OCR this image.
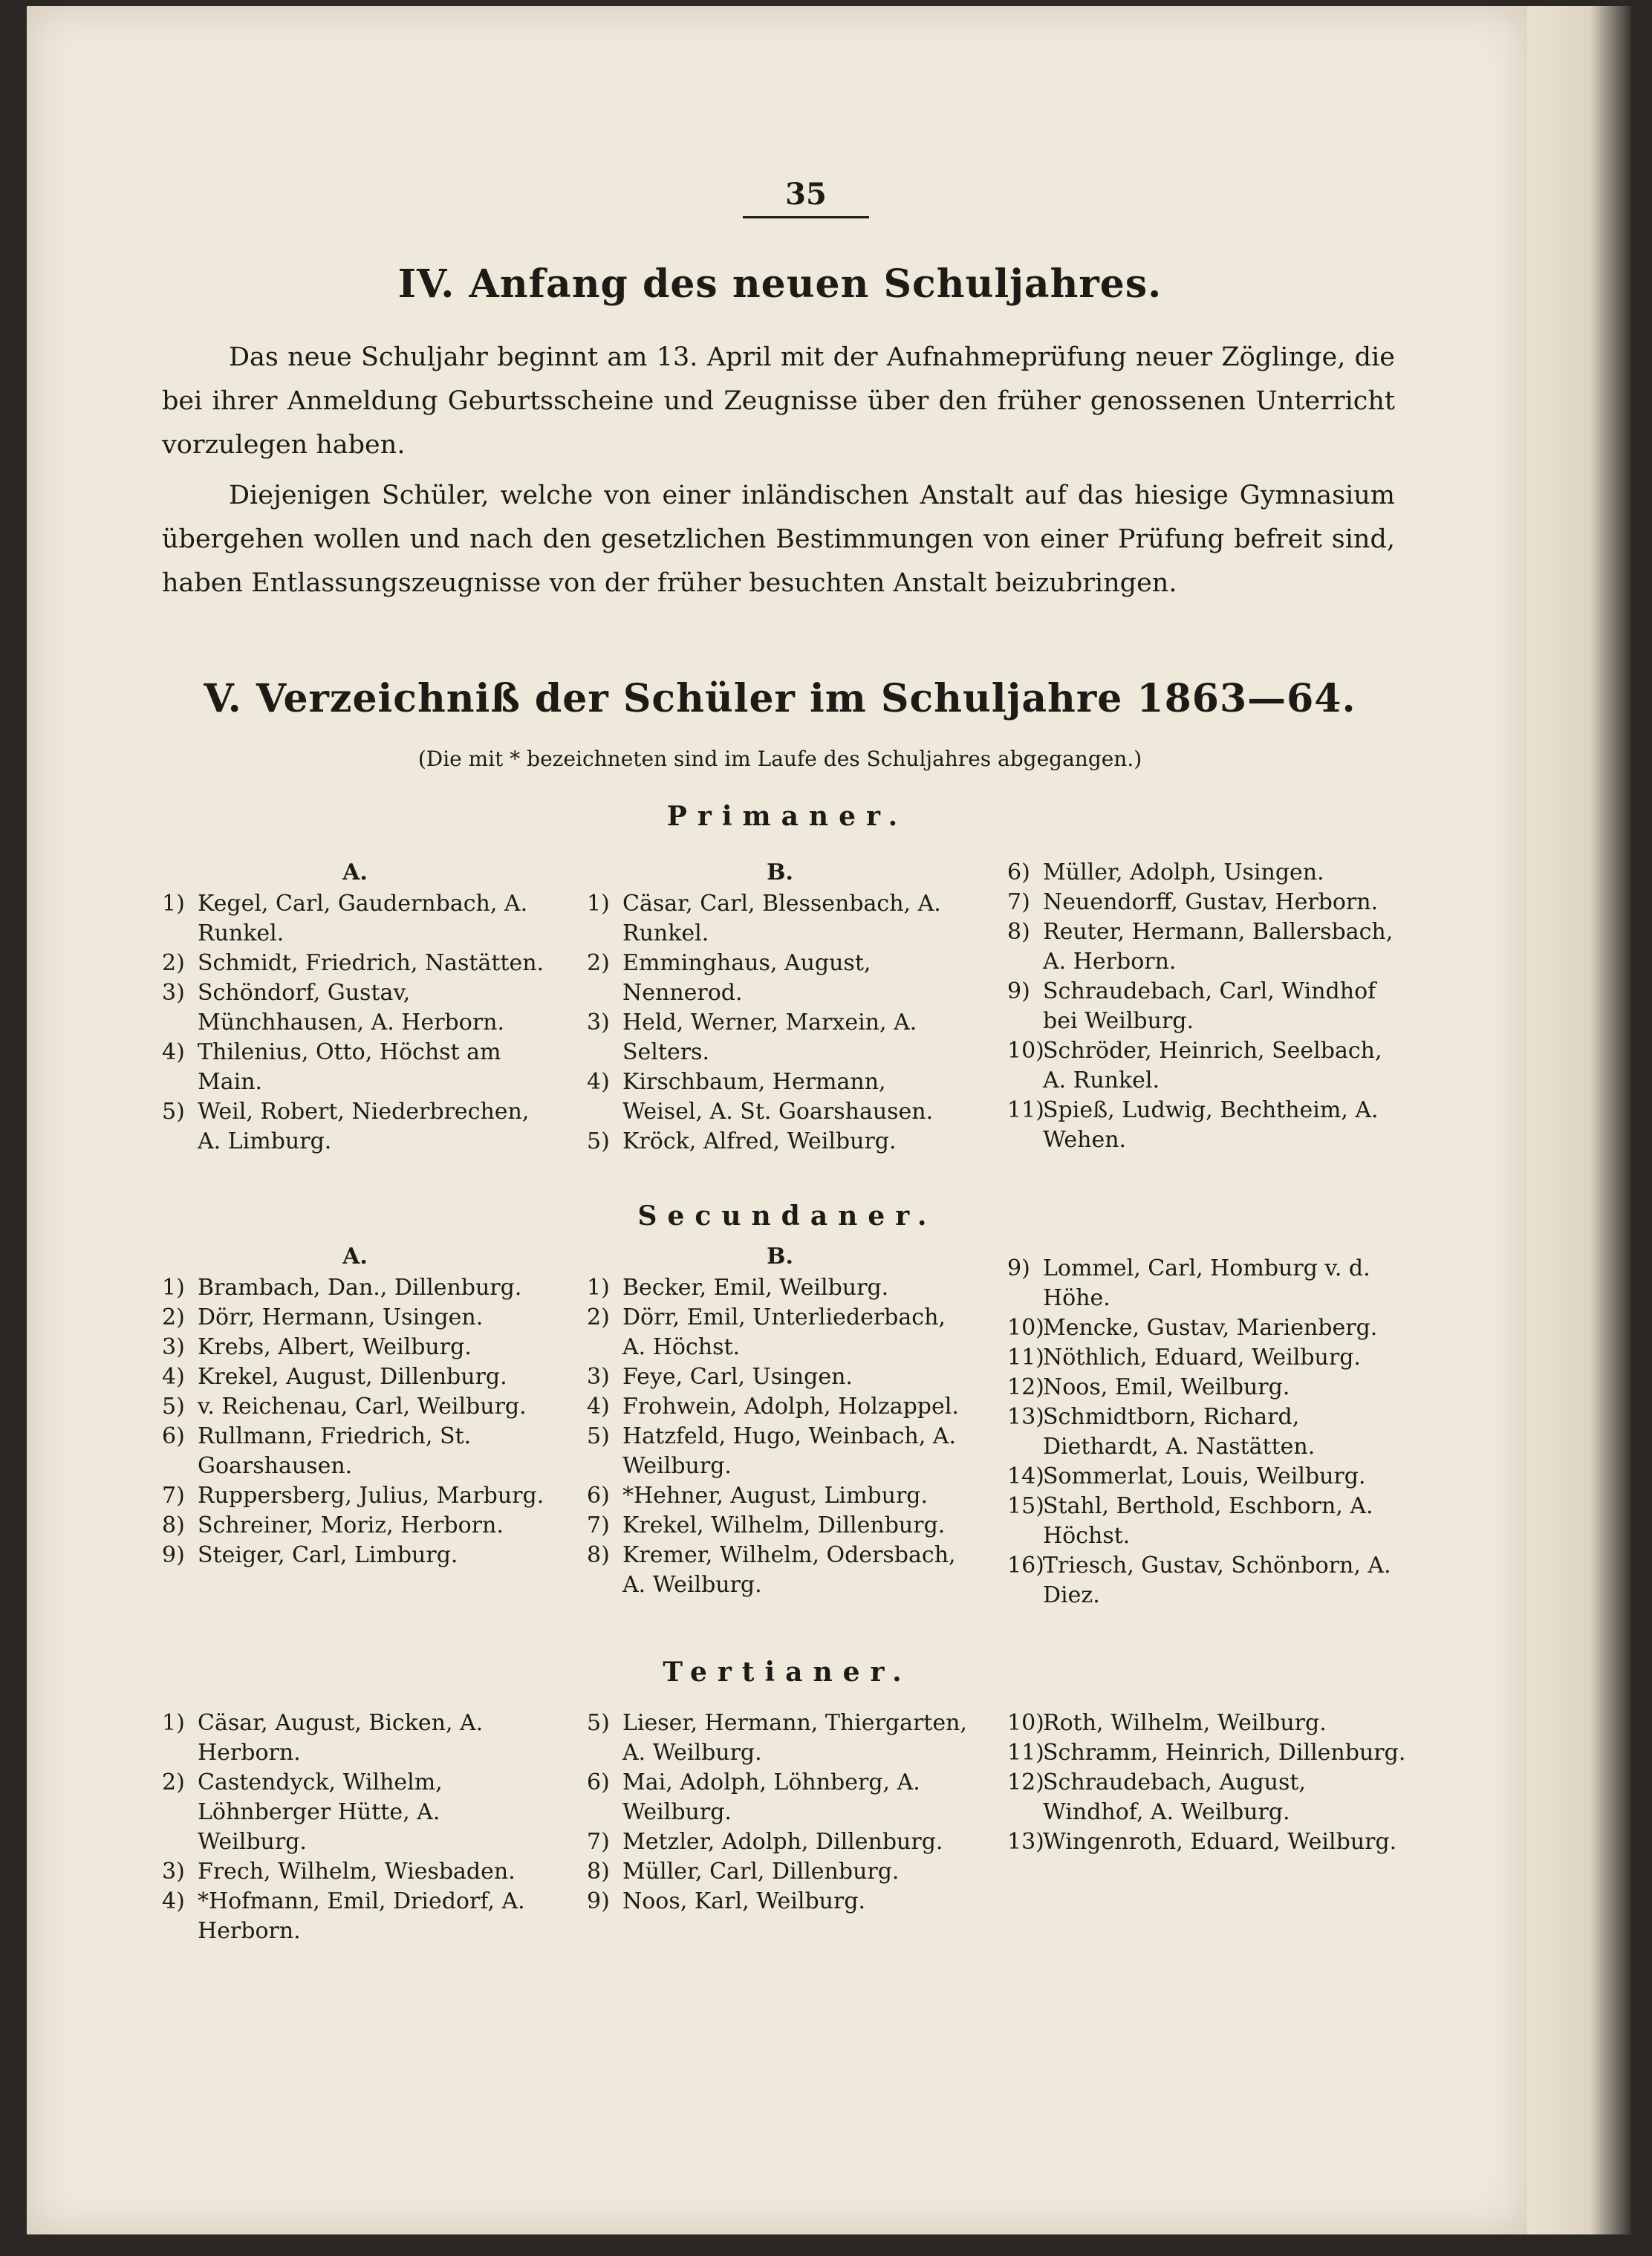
35
IV. Anfang des neuen Schuljahres.
Das neue Schuljahr beginnt am 13. April mit der Aufnahmeprüfung neuer Zöglinge, die bei ihrer Anmeldung Geburtsscheine und Zeugnisse über den früher genossenen Unterricht vorzulegen haben.
Diejenigen Schüler, welche von einer inländischen Anstalt auf das hiesige Gymnasium übergehen wollen und nach den gesetzlichen Bestimmungen von einer Prüfung befreit sind, haben Entlassungszeugnisse von der früher besuchten Anstalt beizubringen.
V. Verzeichniß der Schüler im Schuljahre 1863—64.
(Die mit * bezeichneten sind im Laufe des Schuljahres abgegangen.)
Primaner.
A.

1) Kegel, Carl, Gaudernbach, A. Runkel.

2) Schmidt, Friedrich, Nastätten.

3) Schöndorf, Gustav, Münchhausen, A. Herborn.

4) Thilenius, Otto, Höchst am Main.

5) Weil, Robert, Niederbrechen, A. Limburg.

B.

1) Cäsar, Carl, Blessenbach, A. Runkel.

2) Emminghaus, August, Nennerod.

3) Held, Werner, Marxein, A. Selters.

4) Kirschbaum, Hermann, Weisel, A. St. Goarshausen.

5) Kröck, Alfred, Weilburg.

6) Müller, Adolph, Usingen.

7) Neuendorff, Gustav, Herborn.

8) Reuter, Hermann, Ballersbach, A. Herborn.

9) Schraudebach, Carl, Windhof bei Weilburg.

10)Schröder, Heinrich, Seelbach, A. Runkel.

11)Spieß, Ludwig, Bechtheim, A. Wehen.

Secundaner.
A.

1) Brambach, Dan., Dillenburg.

2) Dörr, Hermann, Usingen.

3) Krebs, Albert, Weilburg.

4) Krekel, August, Dillenburg.

5) v. Reichenau, Carl, Weilburg.

6) Rullmann, Friedrich, St. Goarshausen.

7) Ruppersberg, Julius, Marburg.

8) Schreiner, Moriz, Herborn.

9) Steiger, Carl, Limburg.

B.

1) Becker, Emil, Weilburg.

2) Dörr, Emil, Unterliederbach, A. Höchst.

3) Feye, Carl, Usingen.

4) Frohwein, Adolph, Holzappel.

5) Hatzfeld, Hugo, Weinbach, A. Weilburg.

6) *Hehner, August, Limburg.

7) Krekel, Wilhelm, Dillenburg.

8) Kremer, Wilhelm, Odersbach, A. Weilburg.

9) Lommel, Carl, Homburg v. d. Höhe.

10)Mencke, Gustav, Marienberg.

11)Nöthlich, Eduard, Weilburg.

12)Noos, Emil, Weilburg.

13)Schmidtborn, Richard, Diethardt, A. Nastätten.

14)Sommerlat, Louis, Weilburg.

15)Stahl, Berthold, Eschborn, A. Höchst.

16)Triesch, Gustav, Schönborn, A. Diez.

Tertianer.

1) Cäsar, August, Bicken, A. Herborn.

2) Castendyck, Wilhelm, Löhnberger Hütte, A. Weilburg.

3) Frech, Wilhelm, Wiesbaden.

4) *Hofmann, Emil, Driedorf, A. Herborn.

5) Lieser, Hermann, Thiergarten, A. Weilburg.

6) Mai, Adolph, Löhnberg, A. Weilburg.

7) Metzler, Adolph, Dillenburg.

8) Müller, Carl, Dillenburg.

9) Noos, Karl, Weilburg.

10)Roth, Wilhelm, Weilburg.

11)Schramm, Heinrich, Dillenburg.

12)Schraudebach, August, Windhof, A. Weilburg.

13)Wingenroth, Eduard, Weilburg.
